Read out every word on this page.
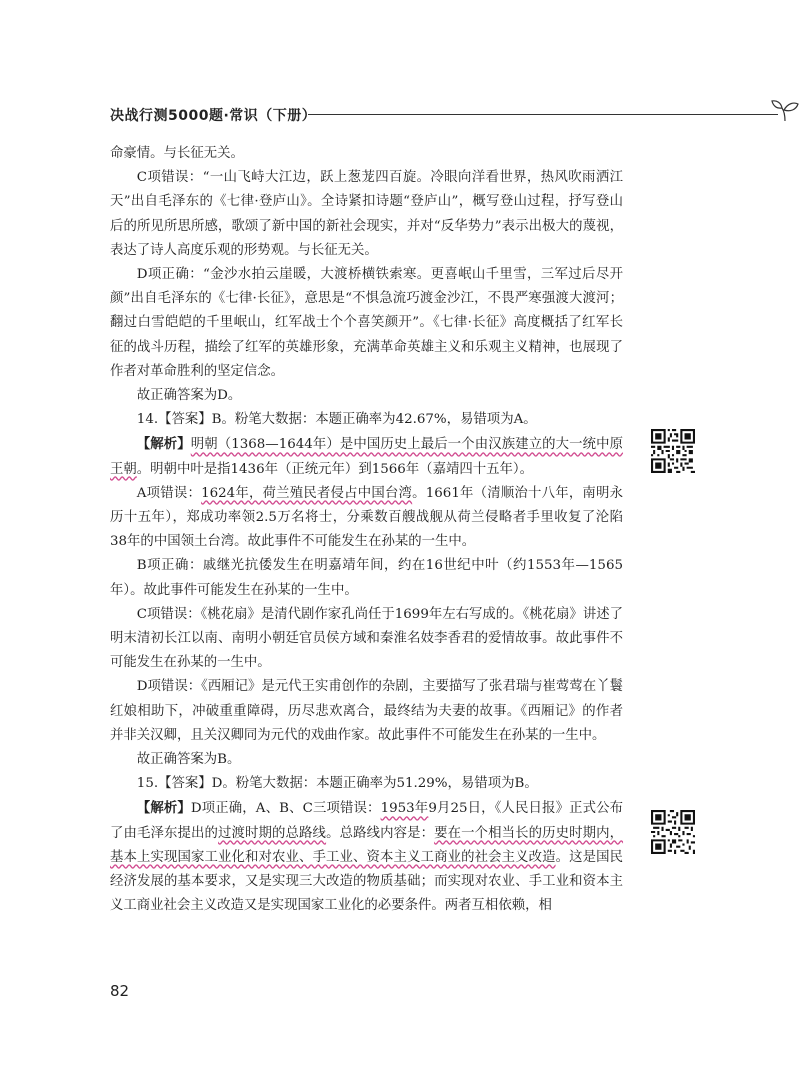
决战行测5000题·常识（下册）

命豪情。与长征无关。

C项错误：“一山飞峙大江边，跃上葱茏四百旋。冷眼向洋看世界，热风吹雨洒江天”出自毛泽东的《七律·登庐山》。全诗紧扣诗题“登庐山”，概写登山过程，抒写登山后的所见所思所感，歌颂了新中国的新社会现实，并对“反华势力”表示出极大的蔑视，表达了诗人高度乐观的形势观。与长征无关。

D项正确：“金沙水拍云崖暖，大渡桥横铁索寒。更喜岷山千里雪，三军过后尽开颜”出自毛泽东的《七律·长征》，意思是“不惧急流巧渡金沙江，不畏严寒强渡大渡河；翻过白雪皑皑的千里岷山，红军战士个个喜笑颜开”。《七律·长征》高度概括了红军长征的战斗历程，描绘了红军的英雄形象，充满革命英雄主义和乐观主义精神，也展现了作者对革命胜利的坚定信念。

故正确答案为D。

14.【答案】B。粉笔大数据：本题正确率为42.67%，易错项为A。

【解析】明朝（1368—1644年）是中国历史上最后一个由汉族建立的大一统中原王朝。明朝中叶是指1436年（正统元年）到1566年（嘉靖四十五年）。

A项错误：1624年，荷兰殖民者侵占中国台湾。1661年（清顺治十八年，南明永历十五年），郑成功率领2.5万名将士，分乘数百艘战舰从荷兰侵略者手里收复了沦陷38年的中国领土台湾。故此事件不可能发生在孙某的一生中。

B项正确：戚继光抗倭发生在明嘉靖年间，约在16世纪中叶（约1553年—1565年）。故此事件可能发生在孙某的一生中。

C项错误：《桃花扇》是清代剧作家孔尚任于1699年左右写成的。《桃花扇》讲述了明末清初长江以南、南明小朝廷官员侯方域和秦淮名妓李香君的爱情故事。故此事件不可能发生在孙某的一生中。

D项错误：《西厢记》是元代王实甫创作的杂剧，主要描写了张君瑞与崔莺莺在丫鬟红娘相助下，冲破重重障碍，历尽悲欢离合，最终结为夫妻的故事。《西厢记》的作者并非关汉卿，且关汉卿同为元代的戏曲作家。故此事件不可能发生在孙某的一生中。

故正确答案为B。

15.【答案】D。粉笔大数据：本题正确率为51.29%，易错项为B。

【解析】D项正确，A、B、C三项错误：1953年9月25日，《人民日报》正式公布了由毛泽东提出的过渡时期的总路线。总路线内容是：要在一个相当长的历史时期内，基本上实现国家工业化和对农业、手工业、资本主义工商业的社会主义改造。这是国民经济发展的基本要求，又是实现三大改造的物质基础；而实现对农业、手工业和资本主义工商业社会主义改造又是实现国家工业化的必要条件。两者互相依赖，相

82
